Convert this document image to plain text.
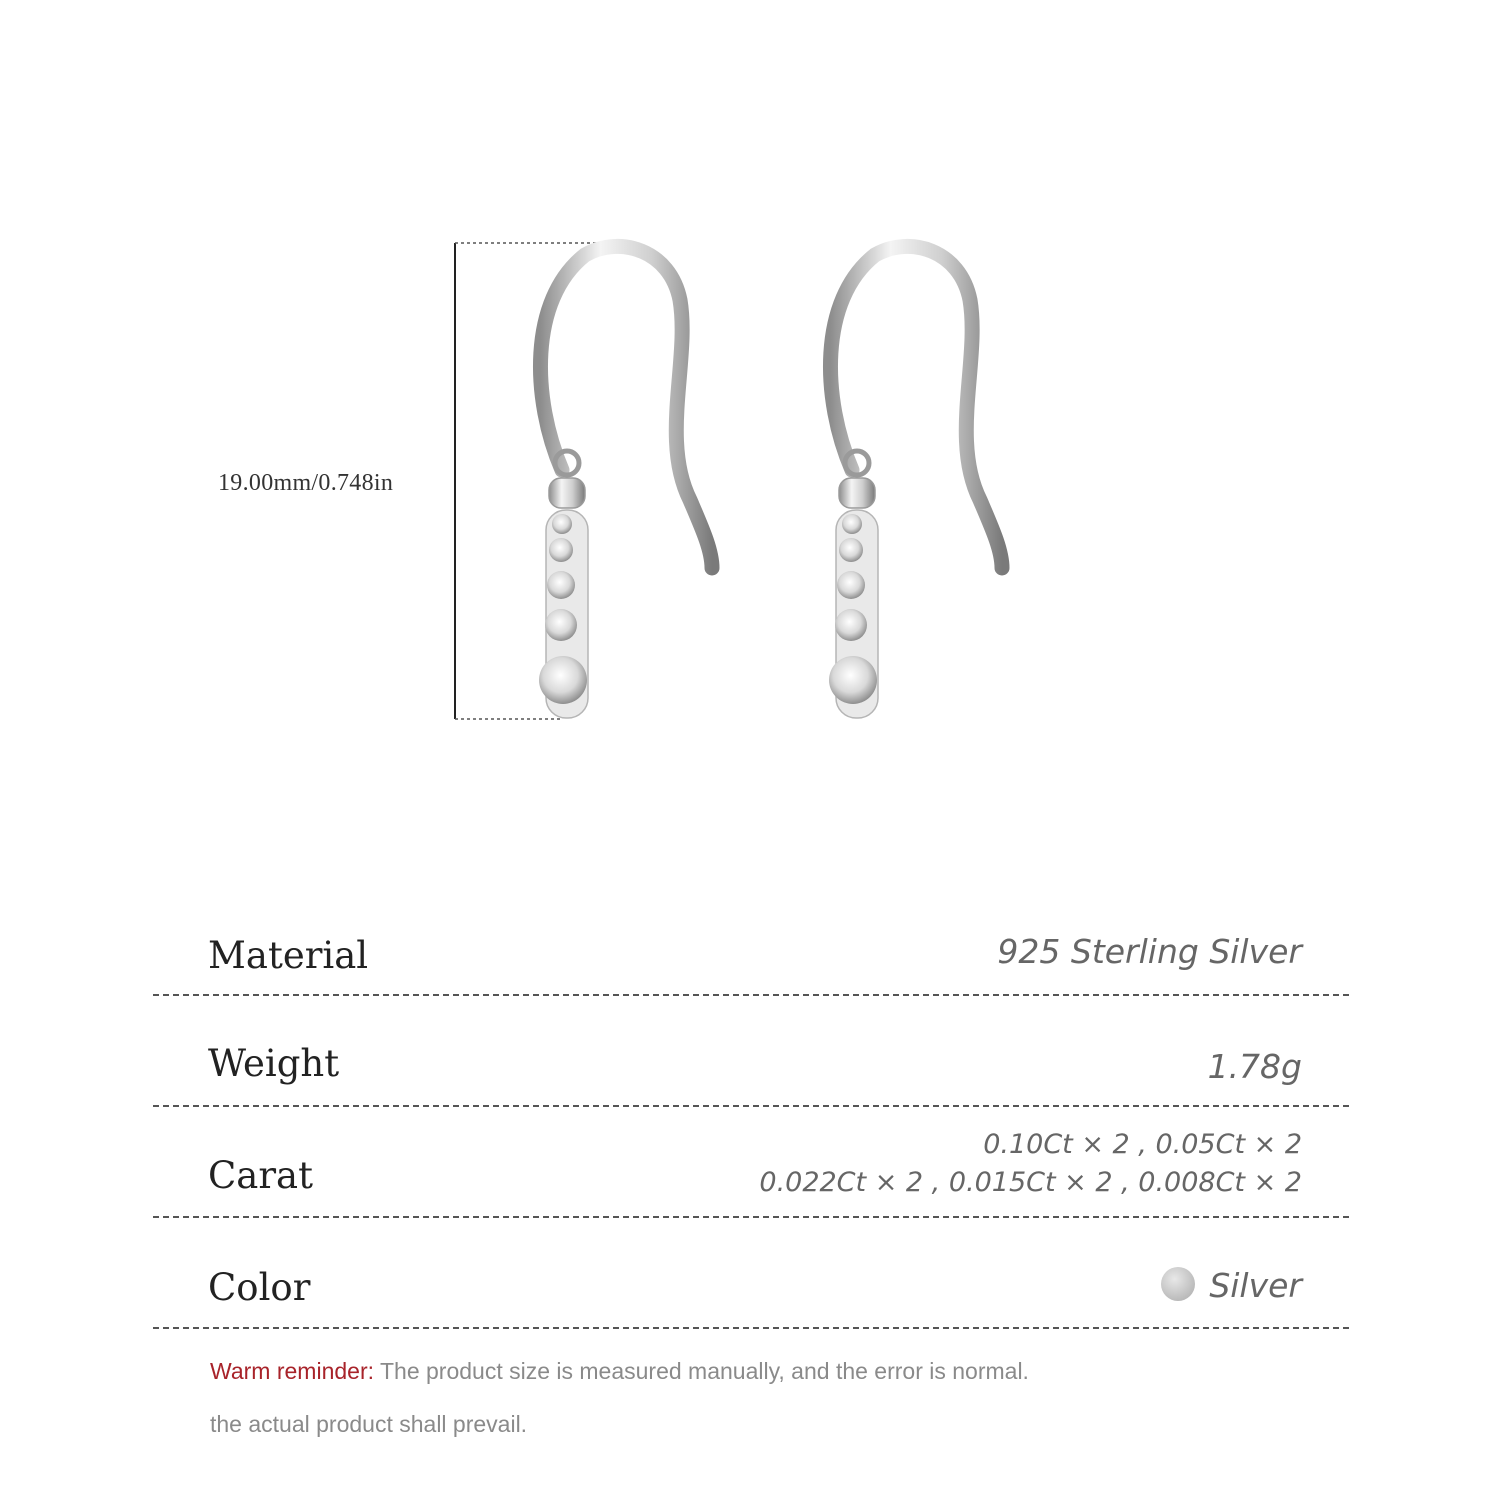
19.00mm/0.748in
Material	925 Sterling Silver
Weight	1.78g
Carat
0.10Ct × 2 , 0.05Ct × 2
0.022Ct × 2 , 0.015Ct × 2 , 0.008Ct × 2
Color	Silver
Warm reminder: The product size is measured manually, and the error is normal.
the actual product shall prevail.
